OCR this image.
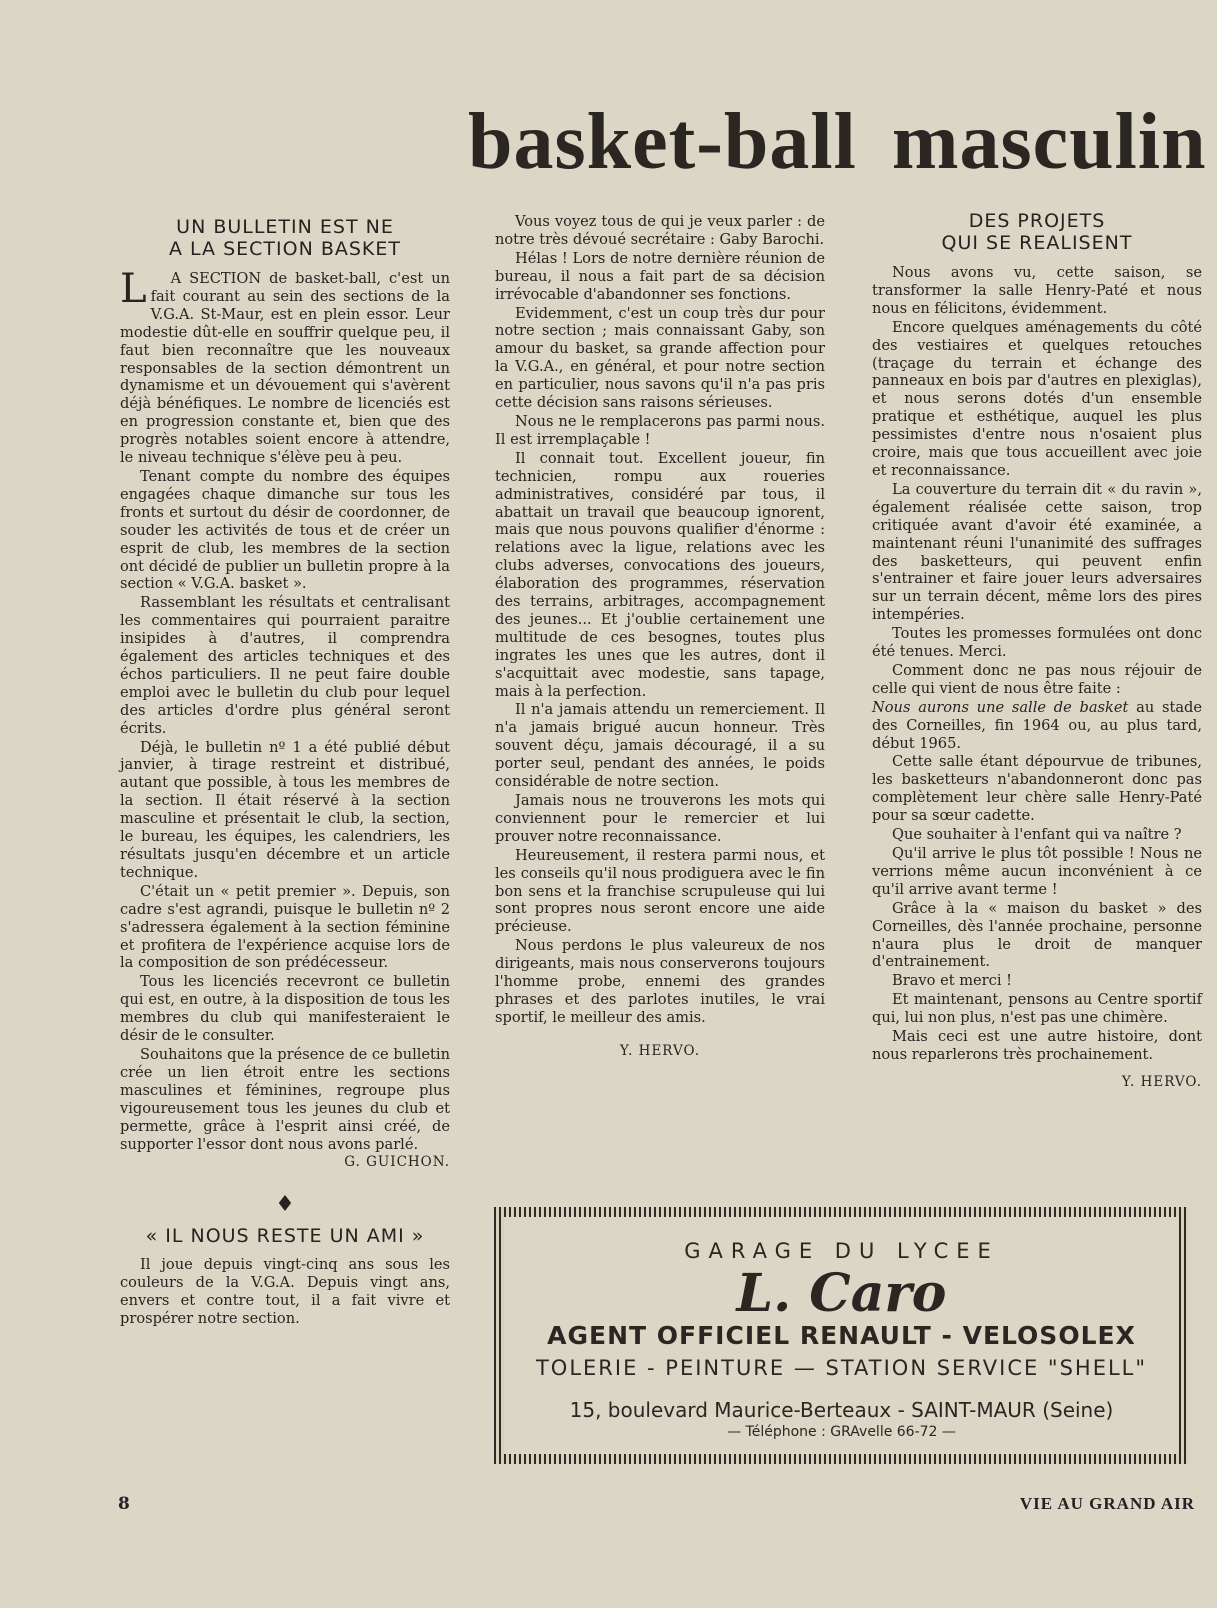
basket-ball masculin
UN BULLETIN EST NE
A LA SECTION BASKET

L A SECTION de basket-ball, c'est un fait courant au sein des sections de la V.G.A. St-Maur, est en plein essor. Leur modestie dût-elle en souffrir quelque peu, il faut bien reconnaître que les nouveaux responsables de la section démontrent un dynamisme et un dévouement qui s'avèrent déjà bénéfiques. Le nombre de licenciés est en progression constante et, bien que des progrès notables soient encore à attendre, le niveau technique s'élève peu à peu.

Tenant compte du nombre des équipes engagées chaque dimanche sur tous les fronts et surtout du désir de coordonner, de souder les activités de tous et de créer un esprit de club, les membres de la section ont décidé de publier un bulletin propre à la section « V.G.A. basket ».

Rassemblant les résultats et centralisant les commentaires qui pourraient paraitre insipides à d'autres, il comprendra également des articles techniques et des échos particuliers. Il ne peut faire double emploi avec le bulletin du club pour lequel des articles d'ordre plus général seront écrits.

Déjà, le bulletin nº 1 a été publié début janvier, à tirage restreint et distribué, autant que possible, à tous les membres de la section. Il était réservé à la section masculine et présentait le club, la section, le bureau, les équipes, les calendriers, les résultats jusqu'en décembre et un article technique.

C'était un « petit premier ». Depuis, son cadre s'est agrandi, puisque le bulletin nº 2 s'adressera également à la section féminine et profitera de l'expérience acquise lors de la composition de son prédécesseur.

Tous les licenciés recevront ce bulletin qui est, en outre, à la disposition de tous les membres du club qui manifesteraient le désir de le consulter.

Souhaitons que la présence de ce bulletin crée un lien étroit entre les sections masculines et féminines, regroupe plus vigoureusement tous les jeunes du club et permette, grâce à l'esprit ainsi créé, de supporter l'essor dont nous avons parlé.

G. GUICHON.

♦
« IL NOUS RESTE UN AMI »

Il joue depuis vingt-cinq ans sous les couleurs de la V.G.A. Depuis vingt ans, envers et contre tout, il a fait vivre et prospérer notre section.

Vous voyez tous de qui je veux parler : de notre très dévoué secrétaire : Gaby Barochi.

Hélas ! Lors de notre dernière réunion de bureau, il nous a fait part de sa décision irrévocable d'abandonner ses fonctions.

Evidemment, c'est un coup très dur pour notre section ; mais connaissant Gaby, son amour du basket, sa grande affection pour la V.G.A., en général, et pour notre section en particulier, nous savons qu'il n'a pas pris cette décision sans raisons sérieuses.

Nous ne le remplacerons pas parmi nous. Il est irremplaçable !

Il connait tout. Excellent joueur, fin technicien, rompu aux roueries administratives, considéré par tous, il abattait un travail que beaucoup ignorent, mais que nous pouvons qualifier d'énorme : relations avec la ligue, relations avec les clubs adverses, convocations des joueurs, élaboration des programmes, réservation des terrains, arbitrages, accompagnement des jeunes... Et j'oublie certainement une multitude de ces besognes, toutes plus ingrates les unes que les autres, dont il s'acquittait avec modestie, sans tapage, mais à la perfection.

Il n'a jamais attendu un remerciement. Il n'a jamais brigué aucun honneur. Très souvent déçu, jamais découragé, il a su porter seul, pendant des années, le poids considérable de notre section.

Jamais nous ne trouverons les mots qui conviennent pour le remercier et lui prouver notre reconnaissance.

Heureusement, il restera parmi nous, et les conseils qu'il nous prodiguera avec le fin bon sens et la franchise scrupuleuse qui lui sont propres nous seront encore une aide précieuse.

Nous perdons le plus valeureux de nos dirigeants, mais nous conserverons toujours l'homme probe, ennemi des grandes phrases et des parlotes inutiles, le vrai sportif, le meilleur des amis.

Y. HERVO.

DES PROJETS
QUI SE REALISENT

Nous avons vu, cette saison, se transformer la salle Henry-Paté et nous nous en félicitons, évidemment.

Encore quelques aménagements du côté des vestiaires et quelques retouches (traçage du terrain et échange des panneaux en bois par d'autres en plexiglas), et nous serons dotés d'un ensemble pratique et esthétique, auquel les plus pessimistes d'entre nous n'osaient plus croire, mais que tous accueillent avec joie et reconnaissance.

La couverture du terrain dit « du ravin », également réalisée cette saison, trop critiquée avant d'avoir été examinée, a maintenant réuni l'unanimité des suffrages des basketteurs, qui peuvent enfin s'entrainer et faire jouer leurs adversaires sur un terrain décent, même lors des pires intempéries.

Toutes les promesses formulées ont donc été tenues. Merci.

Comment donc ne pas nous réjouir de celle qui vient de nous être faite :

Nous aurons une salle de basket au stade des Corneilles, fin 1964 ou, au plus tard, début 1965.

Cette salle étant dépourvue de tribunes, les basketteurs n'abandonneront donc pas complètement leur chère salle Henry-Paté pour sa sœur cadette.

Que souhaiter à l'enfant qui va naître ?

Qu'il arrive le plus tôt possible ! Nous ne verrions même aucun inconvénient à ce qu'il arrive avant terme !

Grâce à la « maison du basket » des Corneilles, dès l'année prochaine, personne n'aura plus le droit de manquer d'entrainement.

Bravo et merci !

Et maintenant, pensons au Centre sportif qui, lui non plus, n'est pas une chimère.

Mais ceci est une autre histoire, dont nous reparlerons très prochainement.

Y. HERVO.

GARAGE DU LYCEE
L. Caro
AGENT OFFICIEL RENAULT - VELOSOLEX
TOLERIE - PEINTURE — STATION SERVICE "SHELL"
15, boulevard Maurice-Berteaux - SAINT-MAUR (Seine)
— Téléphone : GRAvelle 66-72 —
8	VIE AU GRAND AIR
